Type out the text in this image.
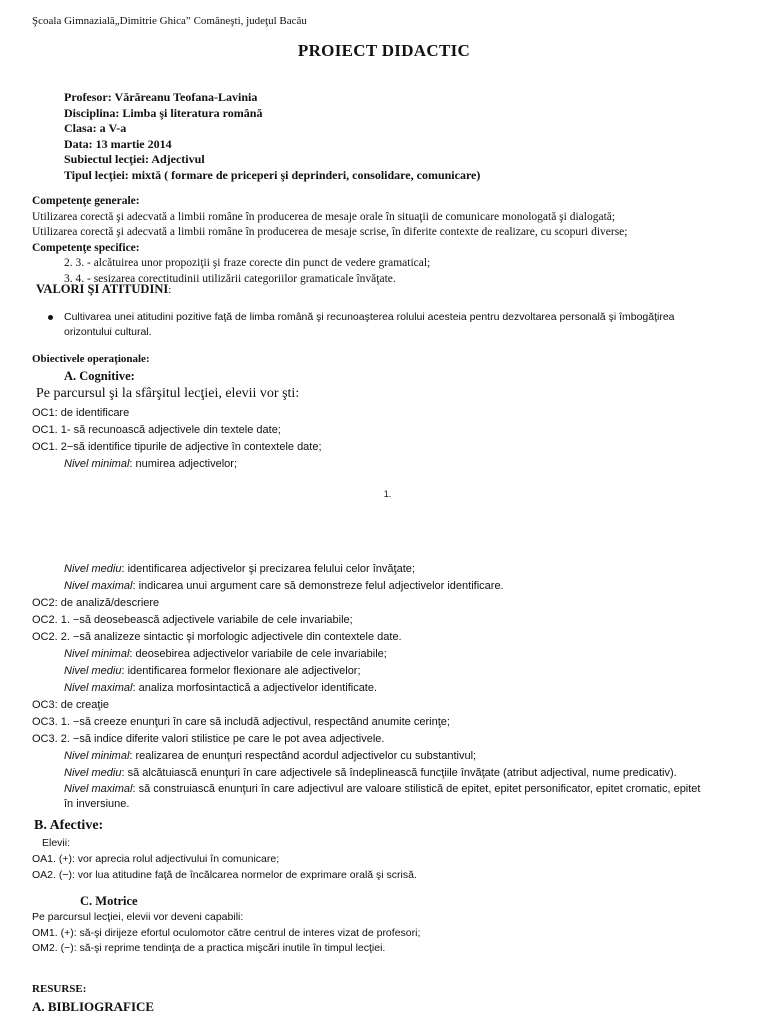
Şcoala Gimnazială„Dimitrie Ghica” Comăneşti, judeţul Bacău
PROIECT DIDACTIC
Profesor: Vărăreanu Teofana-Lavinia
Disciplina: Limba şi literatura română
Clasa: a V-a
Data: 13 martie 2014
Subiectul lecţiei: Adjectivul
Tipul lecţiei: mixtă ( formare de priceperi şi deprinderi, consolidare, comunicare)
Competenţe generale:
Utilizarea corectă şi adecvată a limbii române în producerea de mesaje orale în situaţii de comunicare monologată şi dialogată;
Utilizarea corectă şi adecvată a limbii române în producerea de mesaje scrise, în diferite contexte de realizare, cu scopuri diverse;
Competenţe specifice:
2. 3. - alcătuirea unor propoziţii şi fraze corecte din punct de vedere gramatical;
3. 4. - sesizarea corectitudinii utilizării categoriilor gramaticale învăţate.
VALORI ŞI ATITUDINI:
Cultivarea unei atitudini pozitive faţă de limba română şi recunoaşterea rolului acesteia pentru dezvoltarea personală şi îmbogăţirea
orizontului cultural.
Obiectivele operaţionale:
A. Cognitive:
Pe parcursul şi la sfârşitul lecţiei, elevii vor şti:
OC1: de identificare
OC1. 1- să recunoască adjectivele din textele date;
OC1. 2−să identifice tipurile de adjective în contextele date;
Nivel minimal: numirea adjectivelor;
1.
Nivel mediu: identificarea adjectivelor şi precizarea felului celor învăţate;
Nivel maximal: indicarea unui argument care să demonstreze felul adjectivelor identificare.
OC2: de analiză/descriere
OC2. 1. −să deosebească adjectivele variabile de cele invariabile;
OC2. 2. −să analizeze sintactic şi morfologic adjectivele din contextele date.
Nivel minimal: deosebirea adjectivelor variabile de cele invariabile;
Nivel mediu: identificarea formelor flexionare ale adjectivelor;
Nivel maximal: analiza morfosintactică a adjectivelor identificate.
OC3: de creaţie
OC3. 1. −să creeze enunţuri în care să includă adjectivul, respectând anumite cerinţe;
OC3. 2. −să indice diferite valori stilistice pe care le pot avea adjectivele.
Nivel minimal: realizarea de enunţuri respectând acordul adjectivelor cu substantivul;
Nivel mediu: să alcătuiască enunţuri în care adjectivele să îndeplinească funcţiile învăţate (atribut adjectival, nume predicativ).
Nivel maximal: să construiască enunţuri în care adjectivul are valoare stilistică de epitet, epitet personificator, epitet cromatic, epitet
în inversiune.
B. Afective:
Elevii:
OA1. (+): vor aprecia rolul adjectivului în comunicare;
OA2. (−): vor lua atitudine faţă de încălcarea normelor de exprimare orală şi scrisă.
C. Motrice
Pe parcursul lecţiei, elevii vor deveni capabili:
OM1. (+): să-şi dirijeze efortul oculomotor către centrul de interes vizat de profesori;
OM2. (−): să-şi reprime tendinţa de a practica mişcări inutile în timpul lecţiei.
RESURSE:
A. BIBLIOGRAFICE
